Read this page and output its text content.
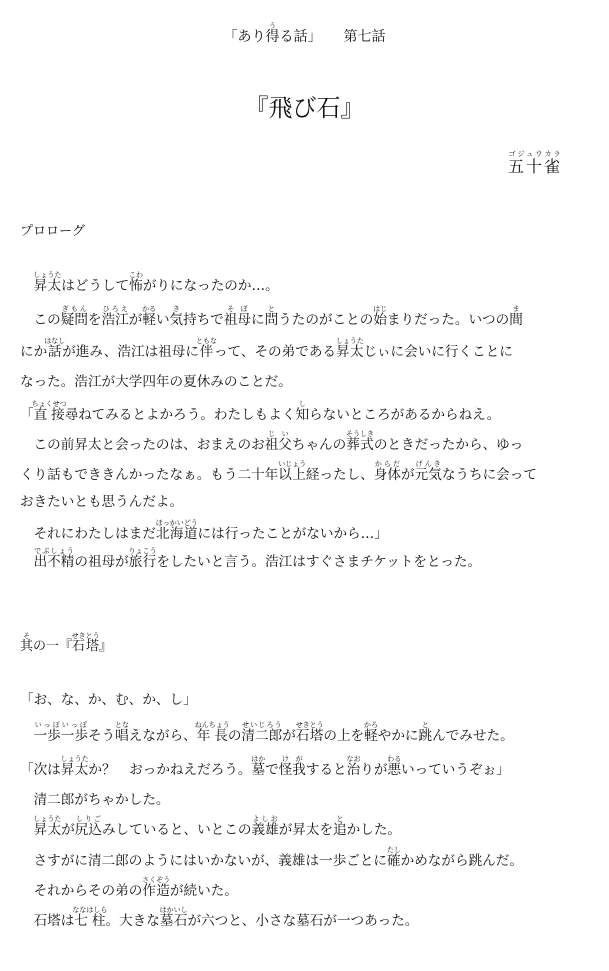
「あり得うる話」 第七話
『飛び石』
五十雀ゴジュウカラ
プロローグ
　昇太しょうたはどうして怖こわがりになったのか…。
　この疑問ぎもんを浩江ひろえが軽かるい気き持ちで祖母そぼに問とうたのがことの始はじまりだった。いつの間ま
にか話はなしが進み、浩江は祖母に伴ともなって、その弟である昇太しょうたじぃに会いに行くことに
なった。浩江が大学四年の夏休みのことだ。
「直接ちょくせつ尋ねてみるとよかろう。わたしもよく知しらないところがあるからねえ。
　この前昇太と会ったのは、おまえのお祖父じいちゃんの葬式そうしきのときだったから、ゆっ
くり話もでききんかったなぁ。もう二十年以上いじょう経ったし、身体からだが元気げんきなうちに会って
おきたいとも思うんだよ。
　それにわたしはまだ北海道ほっかいどうには行ったことがないから…」
　出不精でぶしょうの祖母が旅行りょこうをしたいと言う。浩江はすぐさまチケットをとった。
其その一『石塔せきとう』
「お、な、か、む、か、し」
　一歩一歩いっぽいっぽそう唱となえながら、年長ねんちょうの清二郎せいじろうが石塔せきとうの上を軽かろやかに跳とんでみせた。
「次は昇太しょうたか？　おっかねえだろう。墓はかで怪我けがすると治なおりが悪わるいっていうぞぉ」
　清二郎がちゃかした。
　昇太しょうたが尻込しりごみしていると、いとこの義雄よしおが昇太を追とかした。
　さすがに清二郎のようにはいかないが、義雄は一歩ごとに確たしかめながら跳んだ。
　それからその弟の作造さくぞうが続いた。
　石塔は七柱ななはしら。大きな墓石はかいしが六つと、小さな墓石が一つあった。
